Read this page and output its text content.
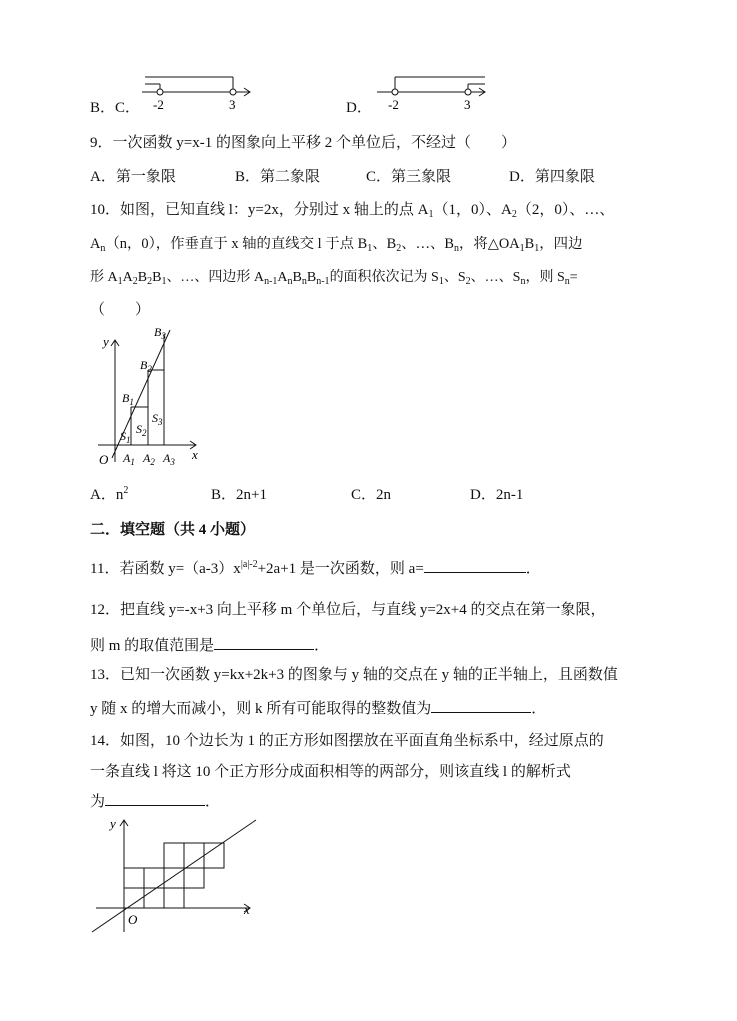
B．C． -2	3	D． -2	3
9．一次函数 y=x-1 的图象向上平移 2 个单位后，不经过（　　）
A．第一象限	B．第二象限	C．第三象限	D．第四象限
10．如图，已知直线 l：y=2x，分别过 x 轴上的点 $A_1(1$，0）、$A_2(2$，0）、…、
$A_n(n$，0），作垂直于 x 轴的直线交 l 于点 $B_1$、$B_2$、…、$B_n$，将$\triangle OA_1B_1$，四边
形 $A_1A_2B_2B_1$、…、四边形 $A_{n-1}A_nB_nB_{n-1}$的面积依次记为 $S_1$、$S_2$、…、$S_n$，则 $S_n=$
（　　）
y
x
O
$B_3$
$B_2$
$B_1$
$S_1$
$S_2$
$S_3$
$A_1$ $A_2$ $A_3$
A．$n^2$	B．2n+1	C．2n	D．2n-1
二．填空题（共 4 小题）
11．若函数 $y=(a-3)x^{|a|-2}+2a+1$ 是一次函数，则 a=	．
12．把直线 y=-x+3 向上平移 m 个单位后，与直线 y=2x+4 的交点在第一象限，
则 m 的取值范围是	．
13．已知一次函数 y=kx+2k+3 的图象与 y 轴的交点在 y 轴的正半轴上，且函数值
y 随 x 的增大而减小，则 k 所有可能取得的整数值为	．
14．如图，10 个边长为 1 的正方形如图摆放在平面直角坐标系中，经过原点的
一条直线 l 将这 10 个正方形分成面积相等的两部分，则该直线 l 的解析式
为	．
y
x
O
